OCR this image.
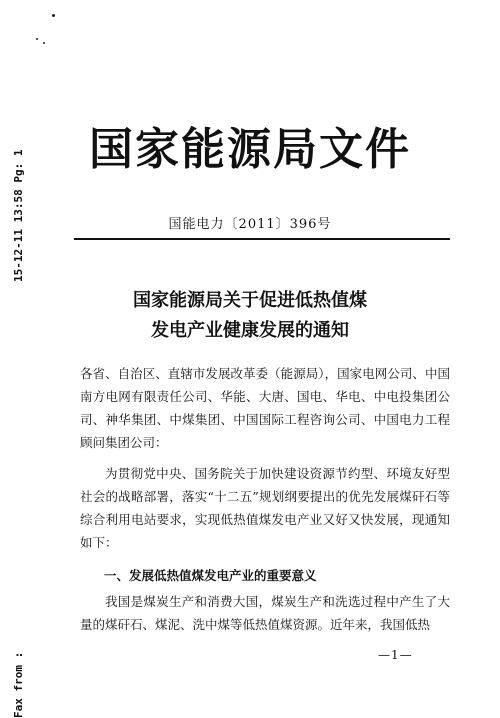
15-12-11 13:58 Pg: 1
Fax from :
国家能源局文件
国能电力〔2011〕396号
国家能源局关于促进低热值煤
发电产业健康发展的通知
各省、自治区、直辖市发展改革委（能源局），国家电网公司、中国南方电网有限责任公司、华能、大唐、国电、华电、中电投集团公司、神华集团、中煤集团、中国国际工程咨询公司、中国电力工程顾问集团公司：
为贯彻党中央、国务院关于加快建设资源节约型、环境友好型社会的战略部署，落实“十二五”规划纲要提出的优先发展煤矸石等综合利用电站要求，实现低热值煤发电产业又好又快发展，现通知如下：
一、发展低热值煤发电产业的重要意义
我国是煤炭生产和消费大国，煤炭生产和洗选过程中产生了大量的煤矸石、煤泥、洗中煤等低热值煤资源。近年来，我国低热
—1—
